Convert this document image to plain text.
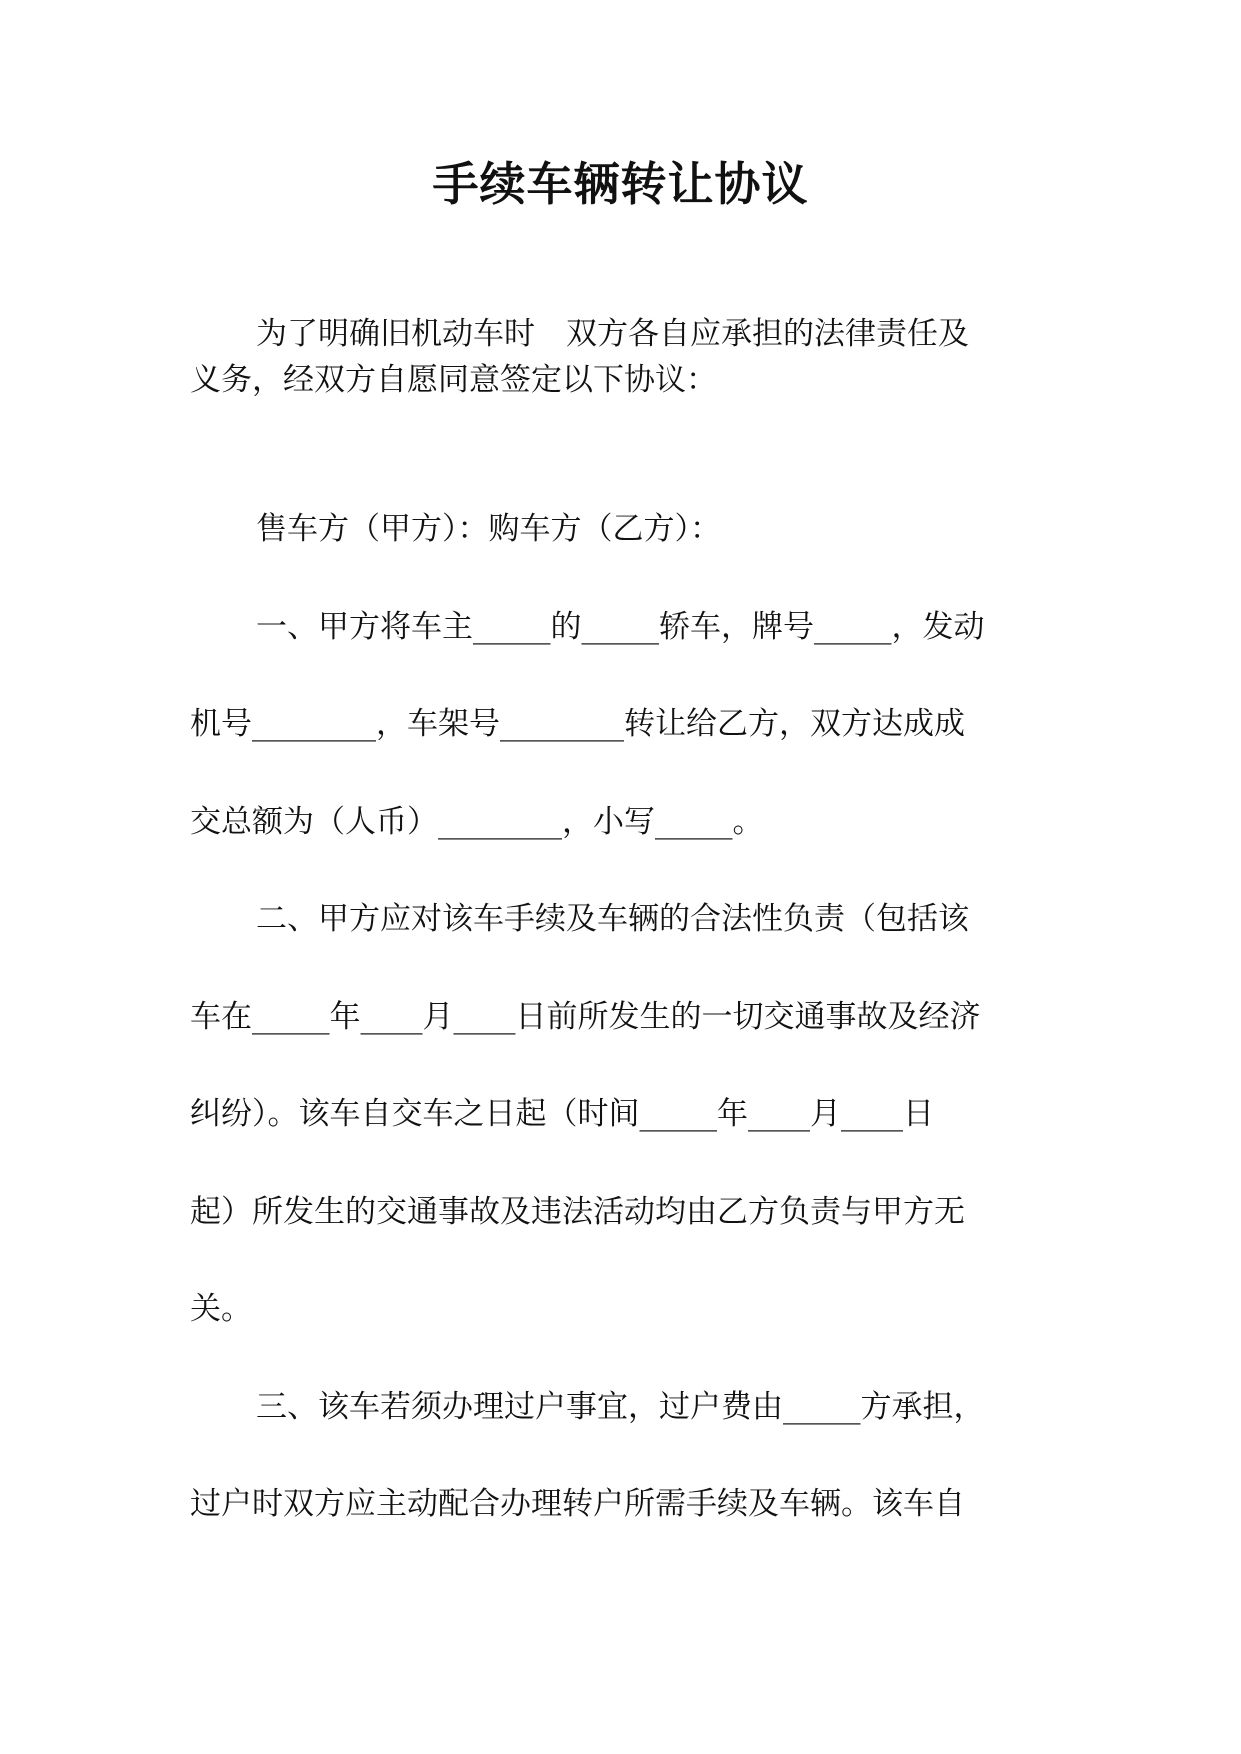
手续车辆转让协议
为了明确旧机动车时　双方各自应承担的法律责任及
义务，经双方自愿同意签定以下协议：
售车方（甲方）：购车方（乙方）：
一、甲方将车主_____的_____轿车，牌号_____，发动
机号________，车架号________转让给乙方，双方达成成
交总额为（人币）________，小写_____。
二、甲方应对该车手续及车辆的合法性负责（包括该
车在_____年____月____日前所发生的一切交通事故及经济
纠纷）。该车自交车之日起（时间_____年____月____日
起）所发生的交通事故及违法活动均由乙方负责与甲方无
关。
三、该车若须办理过户事宜，过户费由_____方承担，
过户时双方应主动配合办理转户所需手续及车辆。该车自
